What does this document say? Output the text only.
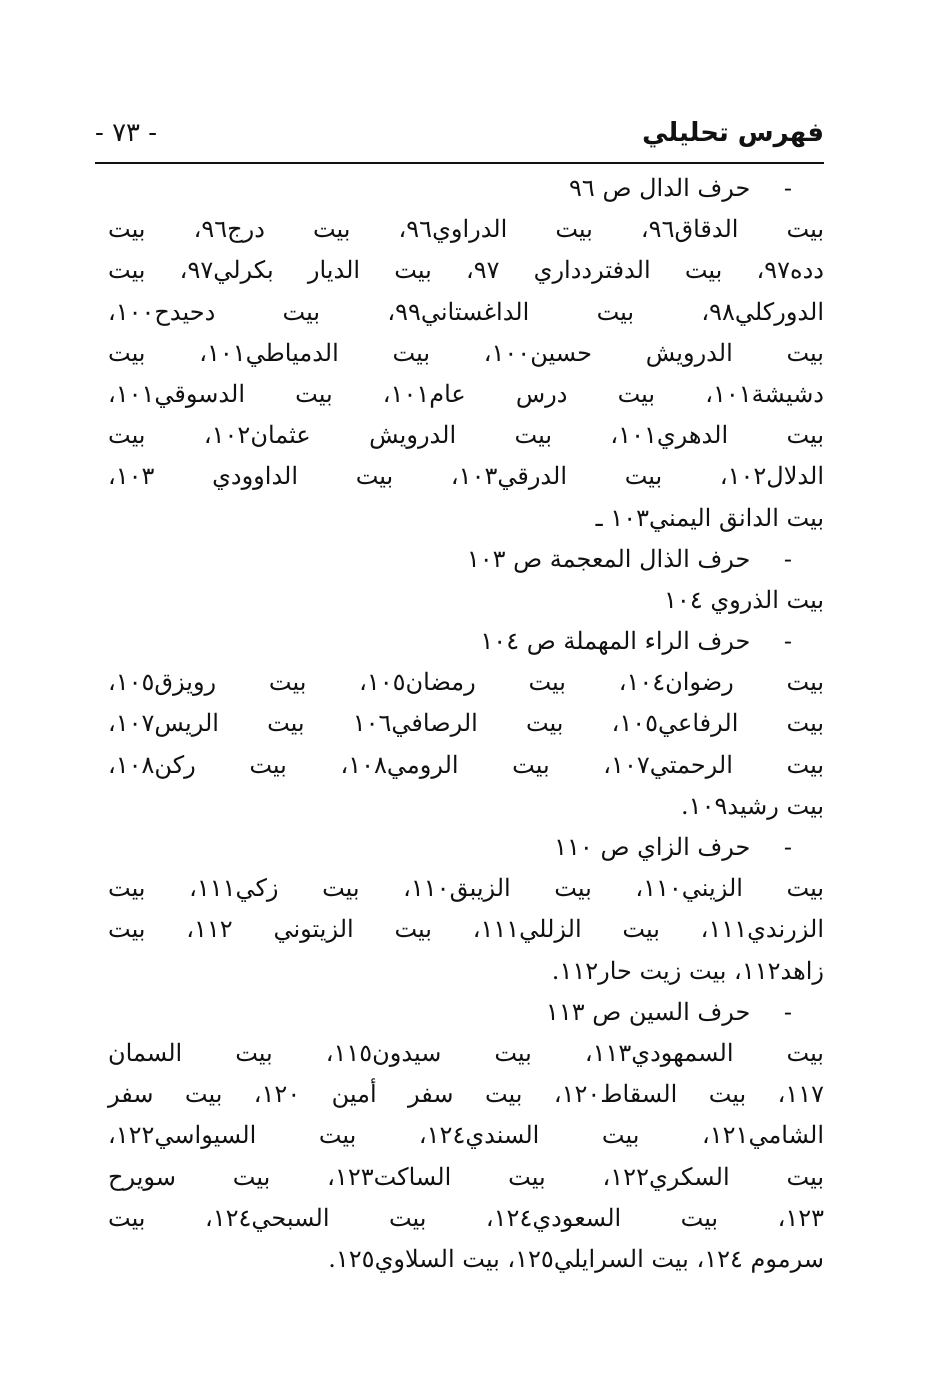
فهرس تحليلي
- ٧٣ -
- حرف الدال ص ٩٦
بيت الدقاق٩٦، بيت الدراوي٩٦، بيت درج٩٦، بيت
دده٩٧، بيت الدفتردداري ٩٧، بيت الديار بكرلي٩٧، بيت
الدوركلي٩٨، بيت الداغستاني٩٩، بيت دحيدح١٠٠،
بيت الدرويش حسين١٠٠، بيت الدمياطي١٠١، بيت
دشيشة١٠١، بيت درس عام١٠١، بيت الدسوقي١٠١،
بيت الدهري١٠١، بيت الدرويش عثمان١٠٢، بيت
الدلال١٠٢، بيت الدرقي١٠٣، بيت الداوودي ١٠٣،
بيت الدانق اليمني١٠٣ ـ
- حرف الذال المعجمة ص ١٠٣
بيت الذروي ١٠٤
- حرف الراء المهملة ص ١٠٤
بيت رضوان١٠٤، بيت رمضان١٠٥، بيت رويزق١٠٥،
بيت الرفاعي١٠٥، بيت الرصافي١٠٦ بيت الريس١٠٧،
بيت الرحمتي١٠٧، بيت الرومي١٠٨، بيت ركن١٠٨،
بيت رشيد١٠٩.
- حرف الزاي ص ١١٠
بيت الزيني١١٠، بيت الزيبق١١٠، بيت زكي١١١، بيت
الزرندي١١١، بيت الزللي١١١، بيت الزيتوني ١١٢، بيت
زاهد١١٢، بيت زيت حار١١٢.
- حرف السين ص ١١٣
بيت السمهودي١١٣، بيت سيدون١١٥، بيت السمان
١١٧، بيت السقاط١٢٠، بيت سفر أمين ١٢٠، بيت سفر
الشامي١٢١، بيت السندي١٢٤، بيت السيواسي١٢٢،
بيت السكري١٢٢، بيت الساكت١٢٣، بيت سويرح
١٢٣، بيت السعودي١٢٤، بيت السبحي١٢٤، بيت
سرموم ١٢٤، بيت السرايلي١٢٥، بيت السلاوي١٢٥.
